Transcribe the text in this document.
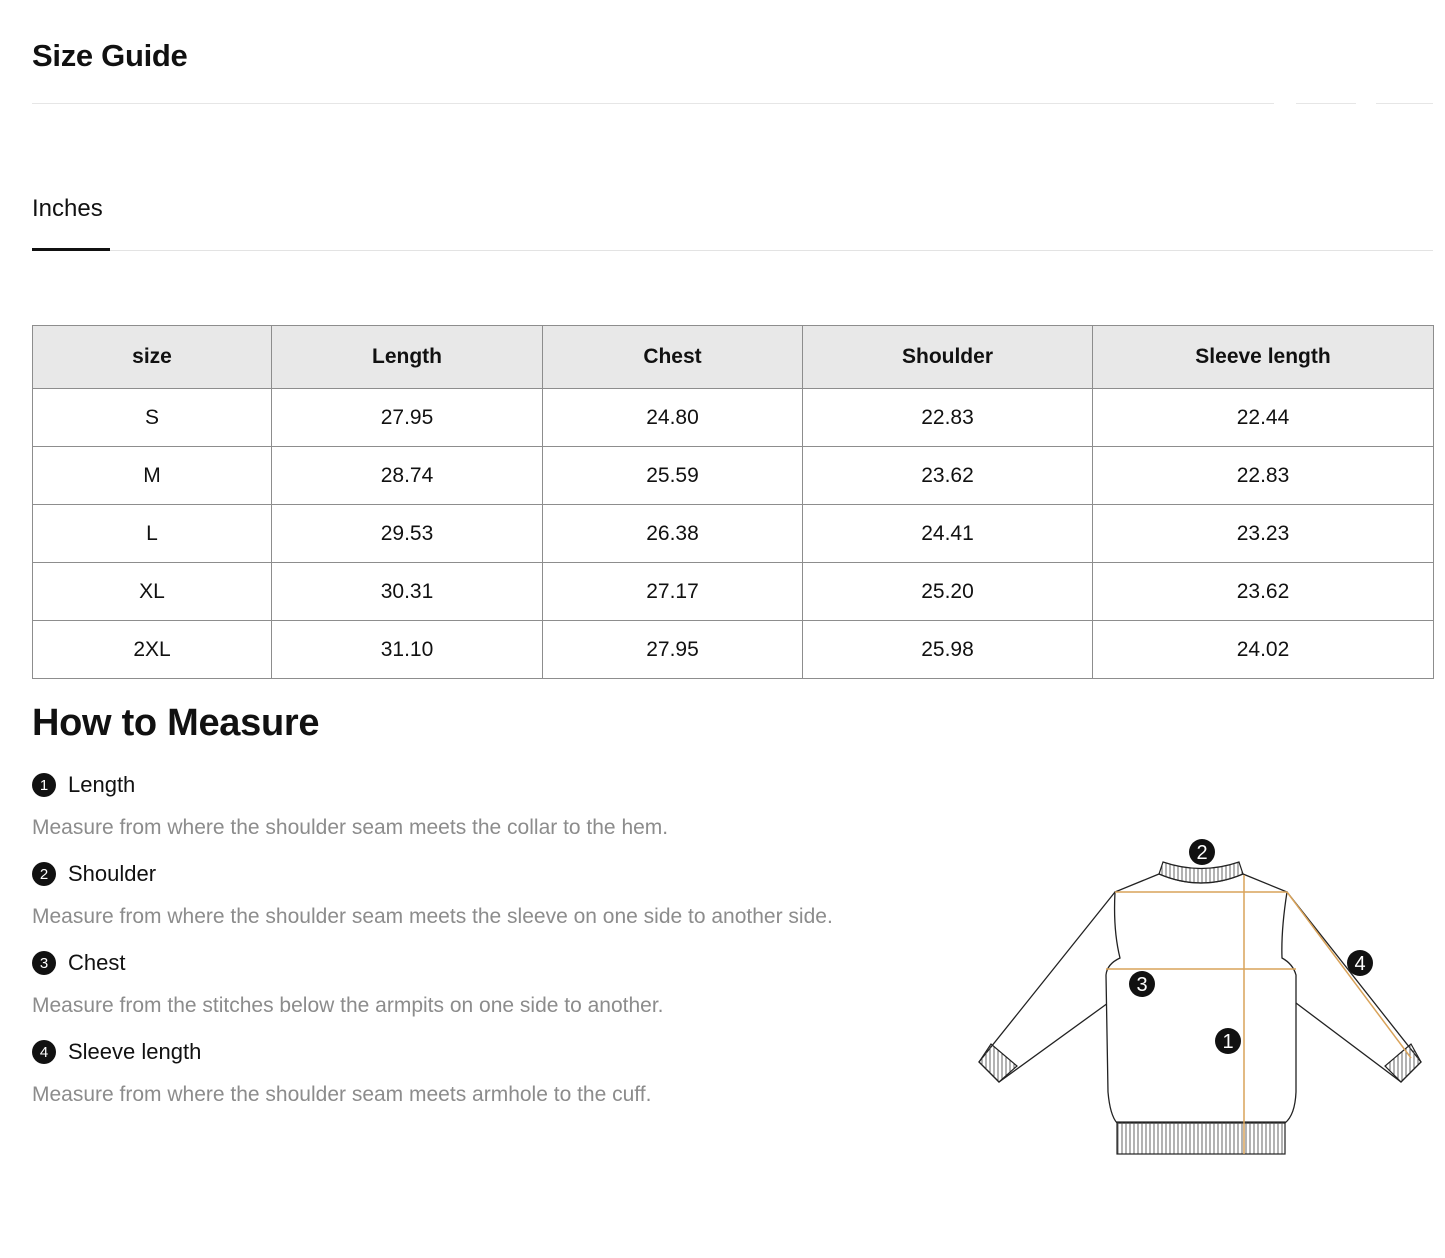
Size Guide
Inches
size	Length	Chest	Shoulder	Sleeve length
S	27.95	24.80	22.83	22.44
M	28.74	25.59	23.62	22.83
L	29.53	26.38	24.41	23.23
XL	30.31	27.17	25.20	23.62
2XL	31.10	27.95	25.98	24.02
How to Measure
1 Length
Measure from where the shoulder seam meets the collar to the hem.
2 Shoulder
Measure from where the shoulder seam meets the sleeve on one side to another side.
3 Chest
Measure from the stitches below the armpits on one side to another.
4 Sleeve length
Measure from where the shoulder seam meets armhole to the cuff.
1
2
3
4
